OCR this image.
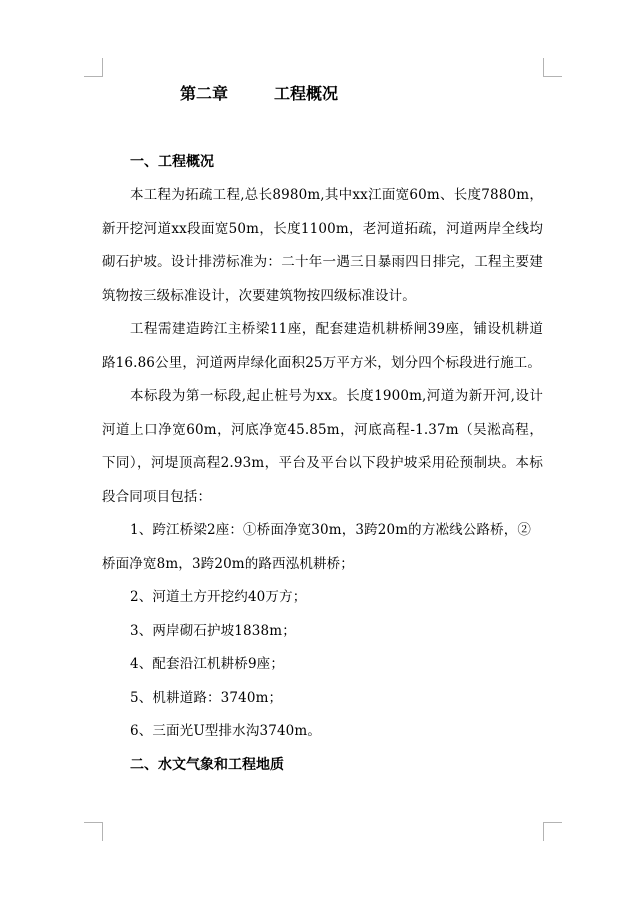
第二章	工程概况
一、工程概况

本工程为拓疏工程,总长8980m,其中xx江面宽60m、长度7880m，新开挖河道xx段面宽50m，长度1100m，老河道拓疏，河道两岸全线均砌石护坡。设计排涝标准为：二十年一遇三日暴雨四日排完，工程主要建筑物按三级标准设计，次要建筑物按四级标准设计。

工程需建造跨江主桥梁11座，配套建造机耕桥闸39座，铺设机耕道路16.86公里，河道两岸绿化面积25万平方米，划分四个标段进行施工。

本标段为第一标段,起止桩号为xx。长度1900m,河道为新开河,设计河道上口净宽60m，河底净宽45.85m，河底高程-1.37m（吴淞高程，下同），河堤顶高程2.93m，平台及平台以下段护坡采用砼预制块。本标段合同项目包括：

1、跨江桥梁2座：①桥面净宽30m，3跨20m的方凇线公路桥，②桥面净宽8m，3跨20m的路西泓机耕桥；

2、河道土方开挖约40万方；

3、两岸砌石护坡1838m；

4、配套沿江机耕桥9座；

5、机耕道路：3740m；

6、三面光U型排水沟3740m。

二、水文气象和工程地质
